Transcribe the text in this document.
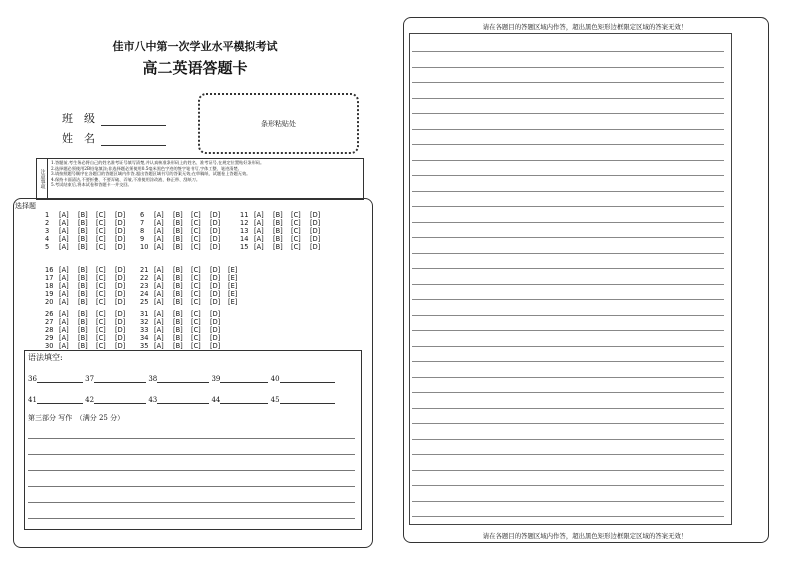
佳市八中第一次学业水平模拟考试
高二英语答题卡
班　级
姓　名
条形粘贴处
注意事项
1.答题前,考生务必将自己的姓名准考证号填写清楚,并认真核准条形码上的姓名、准考证号,在规定位置贴好条形码。
2.选择题必须使用2B铅笔填涂;非选择题必须使用0.5毫米黑色字迹的签字笔书写,字体工整、笔迹清楚。
3.请按照题号顺序在各题目的答题区域内作答,超出答题区域书写的答案无效;在草稿纸、试题卷上答题无效。
4.保持卡面清洁,不要折叠、不要弄破、弄皱,不准使用涂改液、修正带、刮纸刀。
5.考试结束后,将本试卷和答题卡一并交回。
选择题
1 [A] [B] [C] [D]
2 [A] [B] [C] [D]
3 [A] [B] [C] [D]
4 [A] [B] [C] [D]
5 [A] [B] [C] [D]
6 [A] [B] [C] [D]
7 [A] [B] [C] [D]
8 [A] [B] [C] [D]
9 [A] [B] [C] [D]
10 [A] [B] [C] [D]
11 [A] [B] [C] [D]
12 [A] [B] [C] [D]
13 [A] [B] [C] [D]
14 [A] [B] [C] [D]
15 [A] [B] [C] [D]
16 [A] [B] [C] [D]
17 [A] [B] [C] [D]
18 [A] [B] [C] [D]
19 [A] [B] [C] [D]
20 [A] [B] [C] [D]
21 [A] [B] [C] [D] [E]
22 [A] [B] [C] [D] [E]
23 [A] [B] [C] [D] [E]
24 [A] [B] [C] [D] [E]
25 [A] [B] [C] [D] [E]
26 [A] [B] [C] [D]
27 [A] [B] [C] [D]
28 [A] [B] [C] [D]
29 [A] [B] [C] [D]
30 [A] [B] [C] [D]
31 [A] [B] [C] [D]
32 [A] [B] [C] [D]
33 [A] [B] [C] [D]
34 [A] [B] [C] [D]
35 [A] [B] [C] [D]
语法填空:
36	37	38	39	40
41	42	43	44	45
第三部分 写作　（满分 25 分）
请在各题目的答题区域内作答，超出黑色矩形边框限定区域的答案无效！
请在各题目的答题区域内作答，超出黑色矩形边框限定区域的答案无效！
